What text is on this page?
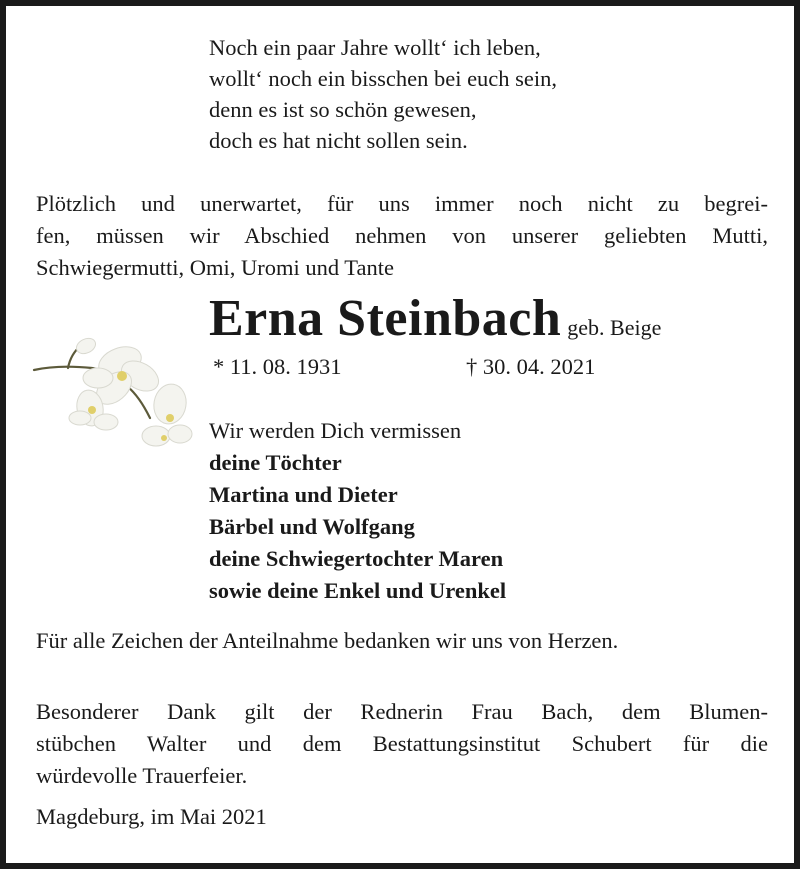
Noch ein paar Jahre wollt‘ ich leben,
wollt‘ noch ein bisschen bei euch sein,
denn es ist so schön gewesen,
doch es hat nicht sollen sein.
Plötzlich und unerwartet, für uns immer noch nicht zu begrei-
fen, müssen wir Abschied nehmen von unserer geliebten Mutti,
Schwiegermutti, Omi, Uromi und Tante
Erna Steinbach geb. Beige
* 11. 08. 1931	† 30. 04. 2021
Wir werden Dich vermissen
deine Töchter
Martina und Dieter
Bärbel und Wolfgang
deine Schwiegertochter Maren
sowie deine Enkel und Urenkel
Für alle Zeichen der Anteilnahme bedanken wir uns von Herzen.
Besonderer Dank gilt der Rednerin Frau Bach, dem Blumen-
stübchen Walter und dem Bestattungsinstitut Schubert für die
würdevolle Trauerfeier.
Magdeburg, im Mai 2021
